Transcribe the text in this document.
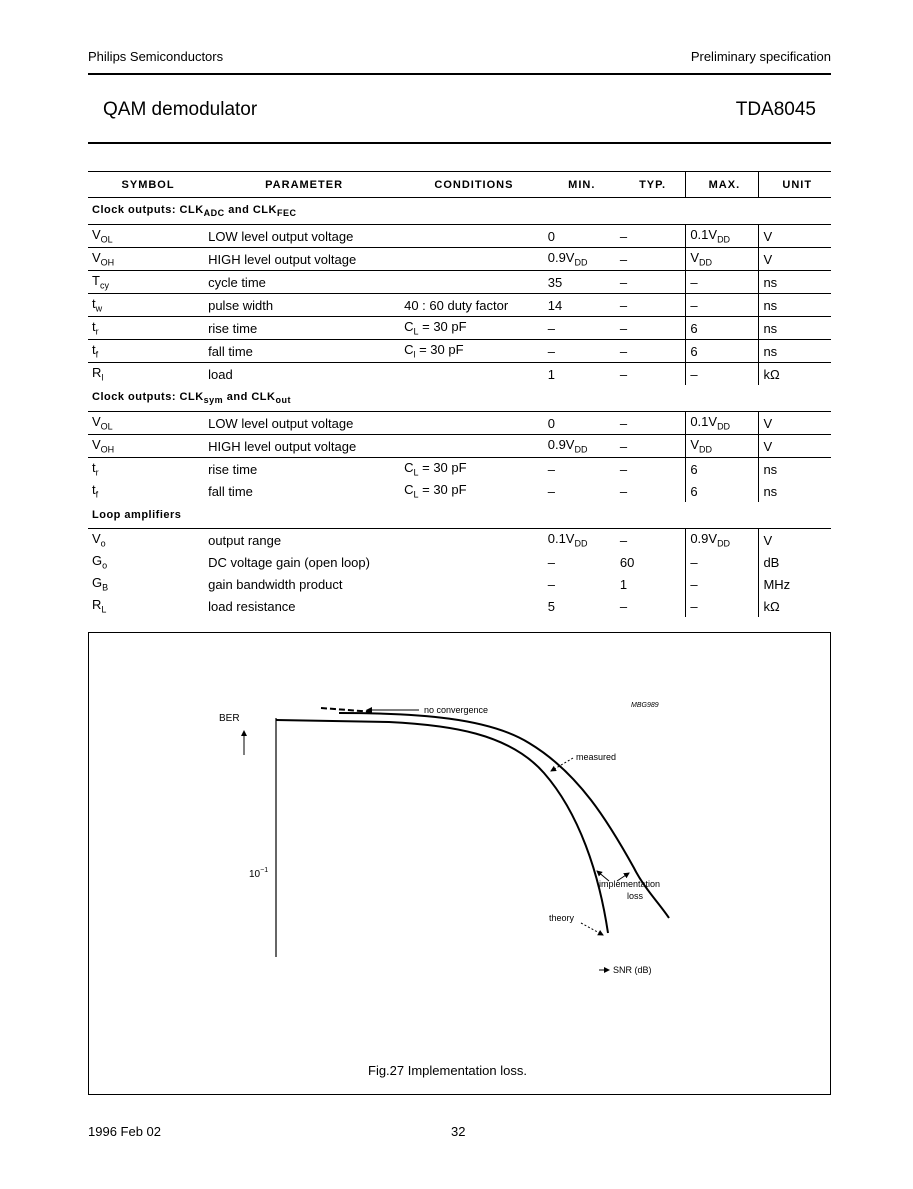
Philips Semiconductors	Preliminary specification
QAM demodulator	TDA8045
SYMBOL	PARAMETER	CONDITIONS	MIN.	TYP.	MAX.	UNIT
Clock outputs: $CLK_{ADC}$ and $CLK_{FEC}$
$V_{OL}$	LOW level output voltage		0	–	$0.1V_{DD}$	V
$V_{OH}$	HIGH level output voltage		$0.9V_{DD}$	–	$V_{DD}$	V
$T_{cy}$	cycle time		35	–	–	ns
$t_w$	pulse width	40 : 60 duty factor	14	–	–	ns
$t_r$	rise time	$C_L = 30$ pF	–	–	6	ns
$t_f$	fall time	$C_l = 30$ pF	–	–	6	ns
$R_l$	load		1	–	–	kΩ
Clock outputs: $CLK_{sym}$ and $CLK_{out}$
$V_{OL}$	LOW level output voltage		0	–	$0.1V_{DD}$	V
$V_{OH}$	HIGH level output voltage		$0.9V_{DD}$	–	$V_{DD}$	V
$t_r$	rise time	$C_L = 30$ pF	–	–	6	ns
$t_f$	fall time	$C_L = 30$ pF	–	–	6	ns
Loop amplifiers						
$V_o$	output range		$0.1V_{DD}$	–	$0.9V_{DD}$	V
$G_o$	DC voltage gain (open loop)		–	60	–	dB
$G_B$	gain bandwidth product		–	1	–	MHz
$R_L$	load resistance		5	–	–	kΩ
BER
$10^{-1}$
MBG989
no convergence
measured
implementation
loss
theory
SNR (dB)
Fig.27 Implementation loss.
1996 Feb 02	32
